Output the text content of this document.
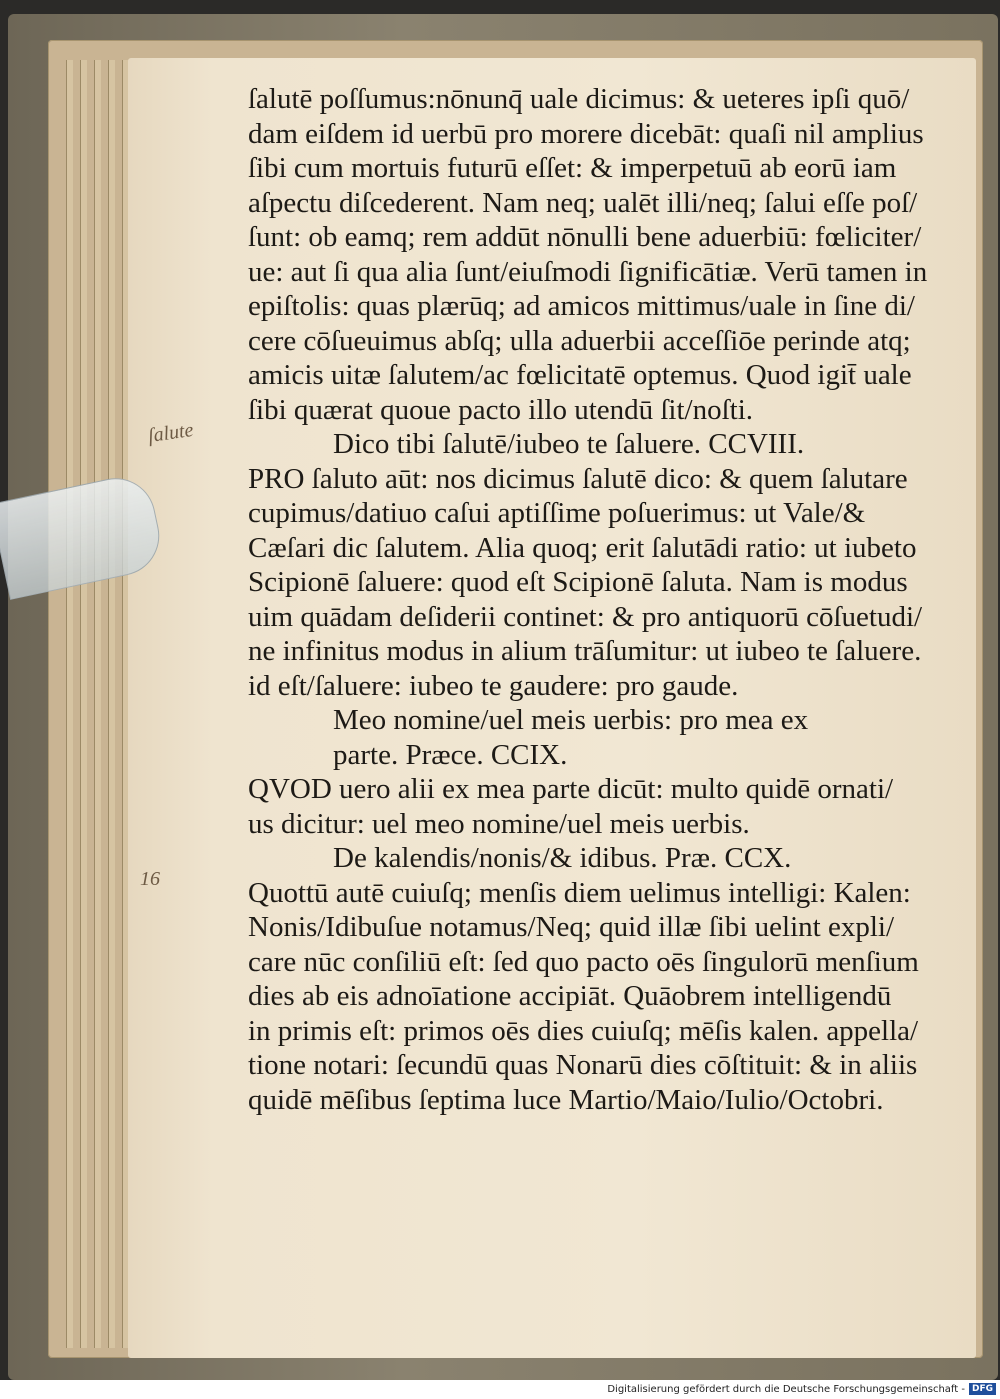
ſalute
16
ſalutē poſſumus:nōnunq̄ uale dicimus: & ueteres ipſi quō/
dam eiſdem id uerbū pro morere dicebāt: quaſi nil amplius
ſibi cum mortuis futurū eſſet: & imperpetuū ab eorū iam
aſpectu diſcederent. Nam neq; ualēt illi/neq; ſalui eſſe poſ/
ſunt: ob eamq; rem addūt nōnulli bene aduerbiū: fœliciter/
ue: aut ſi qua alia ſunt/eiuſmodi ſignificātiæ. Verū tamen in
epiſtolis: quas plærūq; ad amicos mittimus/uale in ſine di/
cere cōſueuimus abſq; ulla aduerbii acceſſiōe perinde atq;
amicis uitæ ſalutem/ac fœlicitatē optemus. Quod igit̄ uale
ſibi quærat quoue pacto illo utendū ſit/noſti.
Dico tibi ſalutē/iubeo te ſaluere. CCVIII.
PRO ſaluto aūt: nos dicimus ſalutē dico: & quem ſalutare
cupimus/datiuo caſui aptiſſime poſuerimus: ut Vale/&
Cæſari dic ſalutem. Alia quoq; erit ſalutādi ratio: ut iubeto
Scipionē ſaluere: quod eſt Scipionē ſaluta. Nam is modus
uim quādam deſiderii continet: & pro antiquorū cōſuetudi/
ne infinitus modus in alium trāſumitur: ut iubeo te ſaluere.
id eſt/ſaluere: iubeo te gaudere: pro gaude.
Meo nomine/uel meis uerbis: pro mea ex
parte. Præce. CCIX.
QVOD uero alii ex mea parte dicūt: multo quidē ornati/
us dicitur: uel meo nomine/uel meis uerbis.
De kalendis/nonis/& idibus. Præ. CCX.
Quottū autē cuiuſq; menſis diem uelimus intelligi: Kalen:
Nonis/Idibuſue notamus/Neq; quid illæ ſibi uelint expli/
care nūc conſiliū eſt: ſed quo pacto oēs ſingulorū menſium
dies ab eis adnoīatione accipiāt. Quāobrem intelligendū
in primis eſt: primos oēs dies cuiuſq; mēſis kalen. appella/
tione notari: ſecundū quas Nonarū dies cōſtituit: & in aliis
quidē mēſibus ſeptima luce Martio/Maio/Iulio/Octobri.
Digitalisierung gefördert durch die Deutsche Forschungsgemeinschaft - DFG
